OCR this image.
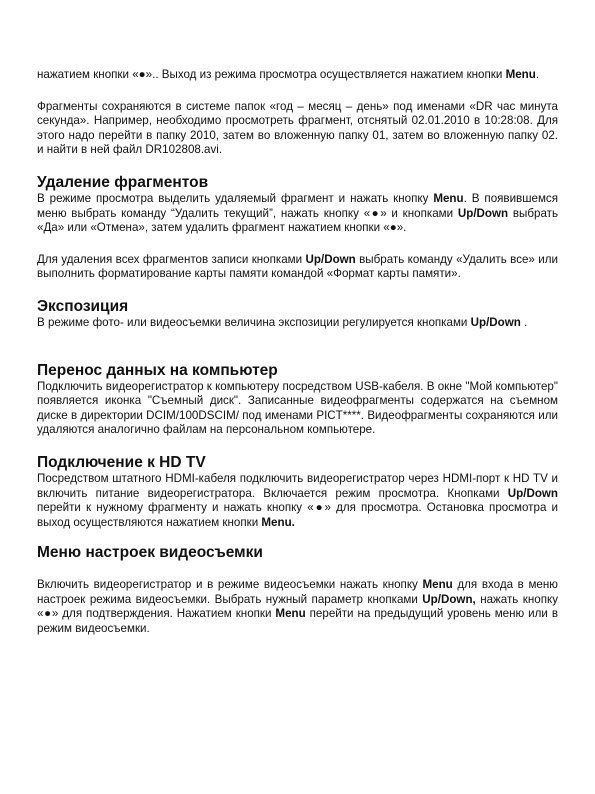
нажатием кнопки «●».. Выход из режима просмотра осуществляется нажатием кнопки Menu.

Фрагменты сохраняются в системе папок «год – месяц – день» под именами «DR час минута секунда». Например, необходимо просмотреть фрагмент, отснятый 02.01.2010 в 10:28:08. Для этого надо перейти в папку 2010, затем во вложенную папку 01, затем во вложенную папку 02. и найти в ней файл DR102808.avi.

Удаление фрагментов

В режиме просмотра выделить удаляемый фрагмент и нажать кнопку Menu. В появившемся меню выбрать команду “Удалить текущий”, нажать кнопку «●» и кнопками Up/Down выбрать «Да» или «Отмена», затем удалить фрагмент нажатием кнопки «●».

Для удаления всех фрагментов записи кнопками Up/Down выбрать команду «Удалить все» или выполнить форматирование карты памяти командой «Формат карты памяти».

Экспозиция

В режиме фото- или видеосъемки величина экспозиции регулируется кнопками Up/Down .

Перенос данных на компьютер

Подключить видеорегистратор к компьютеру посредством USB-кабеля. В окне "Мой компьютер" появляется иконка "Съемный диск". Записанные видеофрагменты содержатся на съемном диске в директории DCIM/100DSCIM/ под именами PICT****. Видеофрагменты сохраняются или удаляются аналогично файлам на персональном компьютере.

Подключение к HD TV

Посредством штатного HDMI-кабеля подключить видеорегистратор через HDMI-порт к HD TV и включить питание видеорегистратора. Включается режим просмотра. Кнопками Up/Down перейти к нужному фрагменту и нажать кнопку «●» для просмотра. Остановка просмотра и выход осуществляются нажатием кнопки Menu.

Меню настроек видеосъемки

Включить видеорегистратор и в режиме видеосъемки нажать кнопку Menu для входа в меню настроек режима видеосъемки. Выбрать нужный параметр кнопками Up/Down, нажать кнопку «●» для подтверждения. Нажатием кнопки Menu перейти на предыдущий уровень меню или в режим видеосъемки.
